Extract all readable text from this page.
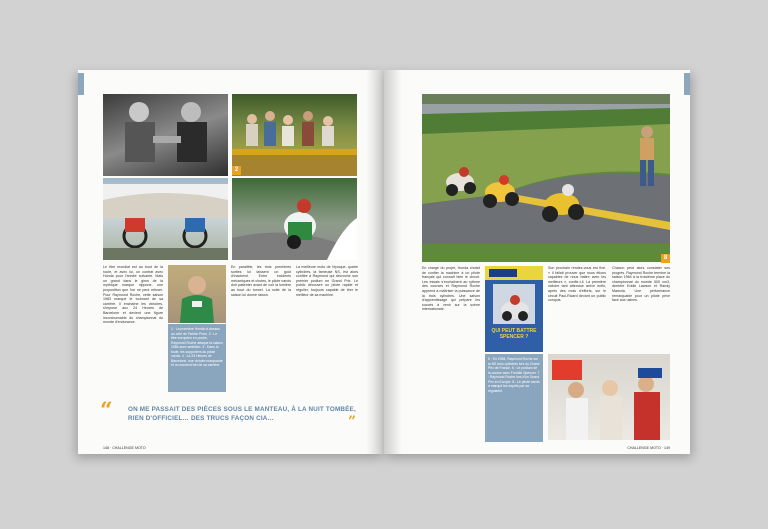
2
Le titre mondial est au bout de la route, et avec lui, un contrat avec Honda pour l'année suivante. Mais un grand dans le giron de la mythique marque nippone, une proposition que l'on ne peut refuser. Pour Raymond Roche, cette saison 1983 marque le tournant de sa carrière. Il enchaîne les victoires, s'impose aux 24 Heures de Barcelone et devient une figure incontournable du championnat du monde d'endurance.
1 : La première Honda ci-dessus au côté de Patrick Pons. 2 : Le titre européen en poche, Raymond Roche attaque la saison 1984 avec ambition. 3 : Dans la foule, les supporters du pilote varois. 4 : La 24 Heures de Barcelone, une victoire marquante et un moment fort de sa carrière.
En parallèle, les trois premières sorties lui laissent un goût d'inachevé. Entre incidents mécaniques et chutes, le pilote varois doit patienter avant de voir la lumière au bout du tunnel. La suite de la saison lui donne raison.
La meilleure moto de l'époque, quatre cylindres, la fameuse NS, est alors confiée à Raymond qui décroche son premier podium en Grand Prix. Le public découvre un pilote rapide et régulier, toujours capable de tirer le meilleur de sa machine.
“ ON ME PASSAIT DES PIÈCES SOUS LE MANTEAU, À LA NUIT TOMBÉE, RIEN D'OFFICIEL… DES TRUCS FAÇON CIA…	”
148 · CHALLENGE MOTO
8
En charge du projet, Honda choisit de confier la machine à un pilote français qui connaît bien le circuit. Les essais s'enchaînent au rythme des courses et Raymond Roche apprend à maîtriser la puissance de la trois cylindres. Une saison d'apprentissage qui prépare les succès à venir sur la scène internationale.
QUI PEUT BATTRE SPENCER ?
5 : En 1984, Raymond Roche sur la NS trois cylindres lors du Grand Prix de France. 6 : Le podium de la course avec Freddie Spencer. 7 : Raymond Roche lors d'un Grand Prix en Europe. 8 : Le pilote varois a marqué les esprits par sa régularité.
Son prochain rendez-vous est fixé. « Il fallait prouver que nous étions capables de nous battre avec les meilleurs », confie-t-il. La première victoire tant attendue arrive enfin, après des mois d'efforts, sur le circuit Paul-Ricard devant un public conquis.
Chacun peut alors constater ses progrès. Raymond Roche termine la saison 1984 à la troisième place du championnat du monde 500 cm3, derrière Eddie Lawson et Randy Mamola. Une performance remarquable pour un pilote privé face aux usines.
CHALLENGE MOTO · 149
